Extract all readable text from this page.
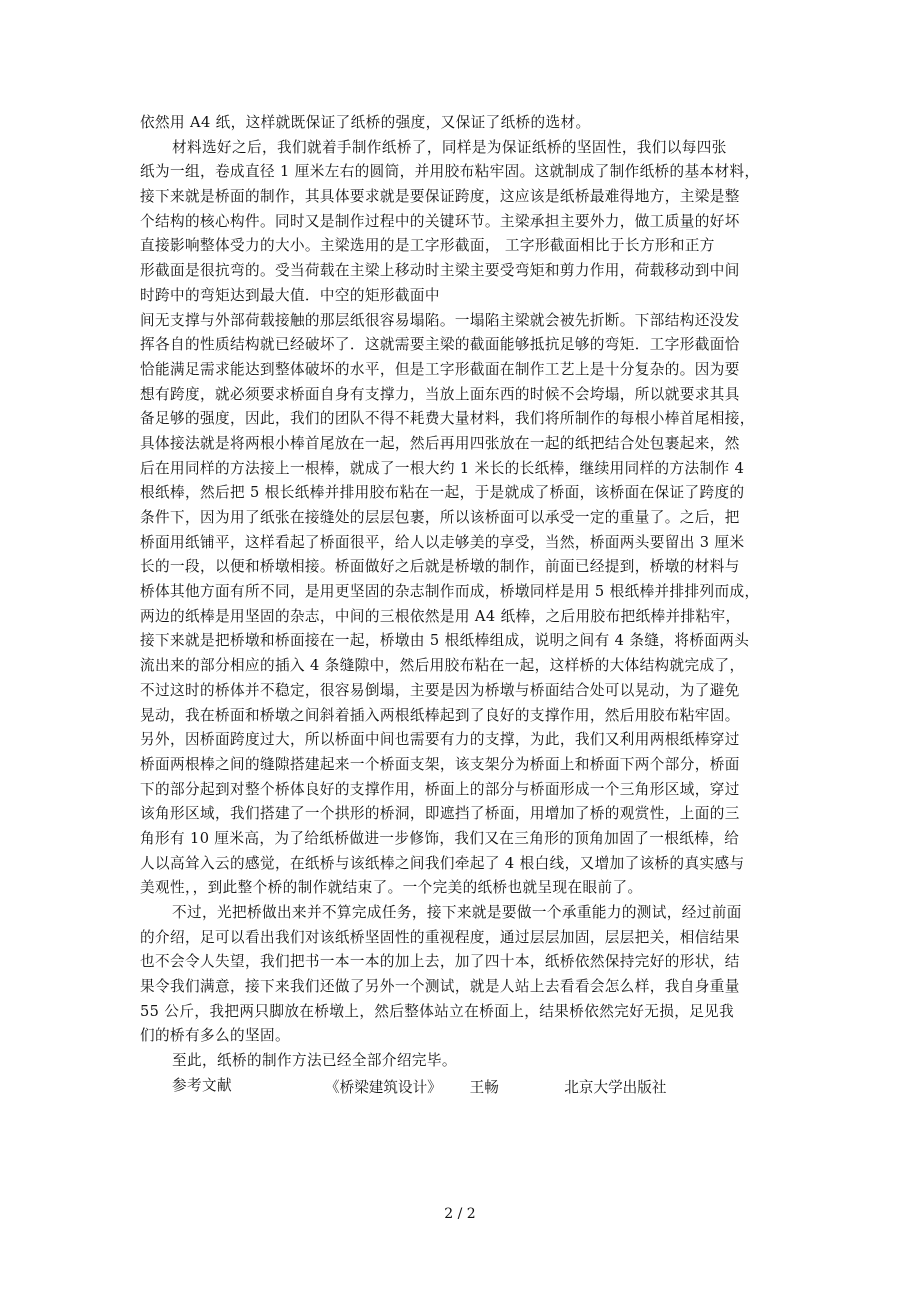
依然用 A4 纸，这样就既保证了纸桥的强度，又保证了纸桥的选材。
材料选好之后，我们就着手制作纸桥了，同样是为保证纸桥的坚固性，我们以每四张
纸为一组，卷成直径 1 厘米左右的圆筒，并用胶布粘牢固。这就制成了制作纸桥的基本材料，
接下来就是桥面的制作，其具体要求就是要保证跨度，这应该是纸桥最难得地方，主梁是整
个结构的核心构件。同时又是制作过程中的关键环节。主梁承担主要外力，做工质量的好坏
直接影响整体受力的大小。主梁选用的是工字形截面， 工字形截面相比于长方形和正方
形截面是很抗弯的。受当荷载在主梁上移动时主梁主要受弯矩和剪力作用，荷载移动到中间
时跨中的弯矩达到最大值．中空的矩形截面中
间无支撑与外部荷载接触的那层纸很容易塌陷。一塌陷主梁就会被先折断。下部结构还没发
挥各自的性质结构就已经破坏了．这就需要主梁的截面能够抵抗足够的弯矩．工字形截面恰
恰能满足需求能达到整体破坏的水平，但是工字形截面在制作工艺上是十分复杂的。因为要
想有跨度，就必须要求桥面自身有支撑力，当放上面东西的时候不会垮塌，所以就要求其具
备足够的强度，因此，我们的团队不得不耗费大量材料，我们将所制作的每根小棒首尾相接，
具体接法就是将两根小棒首尾放在一起，然后再用四张放在一起的纸把结合处包裹起来，然
后在用同样的方法接上一根棒，就成了一根大约 1 米长的长纸棒，继续用同样的方法制作 4
根纸棒，然后把 5 根长纸棒并排用胶布粘在一起，于是就成了桥面，该桥面在保证了跨度的
条件下，因为用了纸张在接缝处的层层包裹，所以该桥面可以承受一定的重量了。之后，把
桥面用纸铺平，这样看起了桥面很平，给人以走够美的享受，当然，桥面两头要留出 3 厘米
长的一段，以便和桥墩相接。桥面做好之后就是桥墩的制作，前面已经提到，桥墩的材料与
桥体其他方面有所不同，是用更坚固的杂志制作而成，桥墩同样是用 5 根纸棒并排排列而成，
两边的纸棒是用坚固的杂志，中间的三根依然是用 A4 纸棒，之后用胶布把纸棒并排粘牢，
接下来就是把桥墩和桥面接在一起，桥墩由 5 根纸棒组成，说明之间有 4 条缝，将桥面两头
流出来的部分相应的插入 4 条缝隙中，然后用胶布粘在一起，这样桥的大体结构就完成了，
不过这时的桥体并不稳定，很容易倒塌，主要是因为桥墩与桥面结合处可以晃动，为了避免
晃动，我在桥面和桥墩之间斜着插入两根纸棒起到了良好的支撑作用，然后用胶布粘牢固。
另外，因桥面跨度过大，所以桥面中间也需要有力的支撑，为此，我们又利用两根纸棒穿过
桥面两根棒之间的缝隙搭建起来一个桥面支架，该支架分为桥面上和桥面下两个部分，桥面
下的部分起到对整个桥体良好的支撑作用，桥面上的部分与桥面形成一个三角形区域，穿过
该角形区域，我们搭建了一个拱形的桥洞，即遮挡了桥面，用增加了桥的观赏性，上面的三
角形有 10 厘米高，为了给纸桥做进一步修饰，我们又在三角形的顶角加固了一根纸棒，给
人以高耸入云的感觉，在纸桥与该纸棒之间我们牵起了 4 根白线，又增加了该桥的真实感与
美观性，，到此整个桥的制作就结束了。一个完美的纸桥也就呈现在眼前了。
不过，光把桥做出来并不算完成任务，接下来就是要做一个承重能力的测试，经过前面
的介绍，足可以看出我们对该纸桥坚固性的重视程度，通过层层加固，层层把关，相信结果
也不会令人失望，我们把书一本一本的加上去，加了四十本，纸桥依然保持完好的形状，结
果令我们满意，接下来我们还做了另外一个测试，就是人站上去看看会怎么样，我自身重量
55 公斤，我把两只脚放在桥墩上，然后整体站立在桥面上，结果桥依然完好无损，足见我
们的桥有多么的坚固。
至此，纸桥的制作方法已经全部介绍完毕。
参考文献	《桥梁建筑设计》 王畅	北京大学出版社
2 / 2
